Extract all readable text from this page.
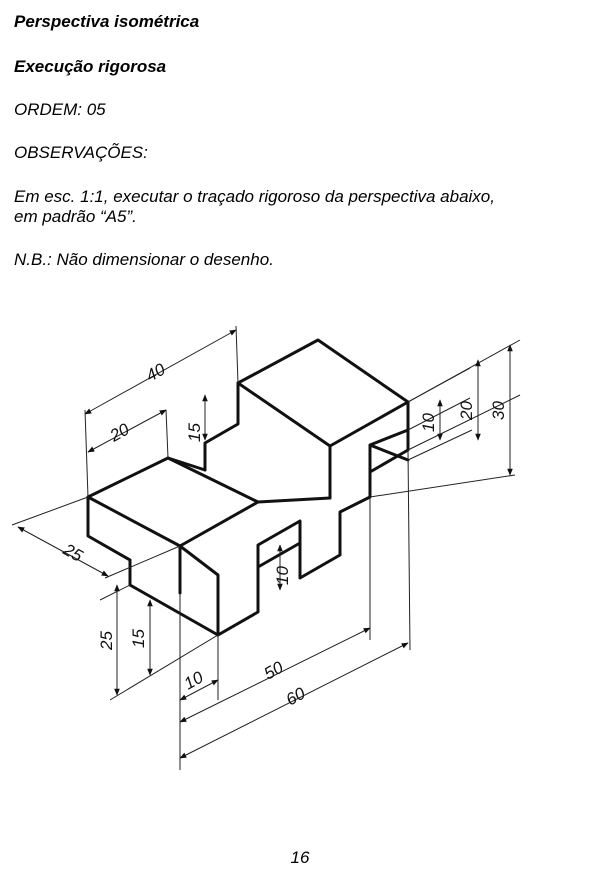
Perspectiva isométrica
Execução rigorosa
ORDEM: 05
OBSERVAÇÕES:
Em esc. 1:1, executar o traçado rigoroso da perspectiva abaixo,
em padrão “A5”.
N.B.: Não dimensionar o desenho.
40
20	15
25
25 15
10	50
60
10
10
20 30
16
